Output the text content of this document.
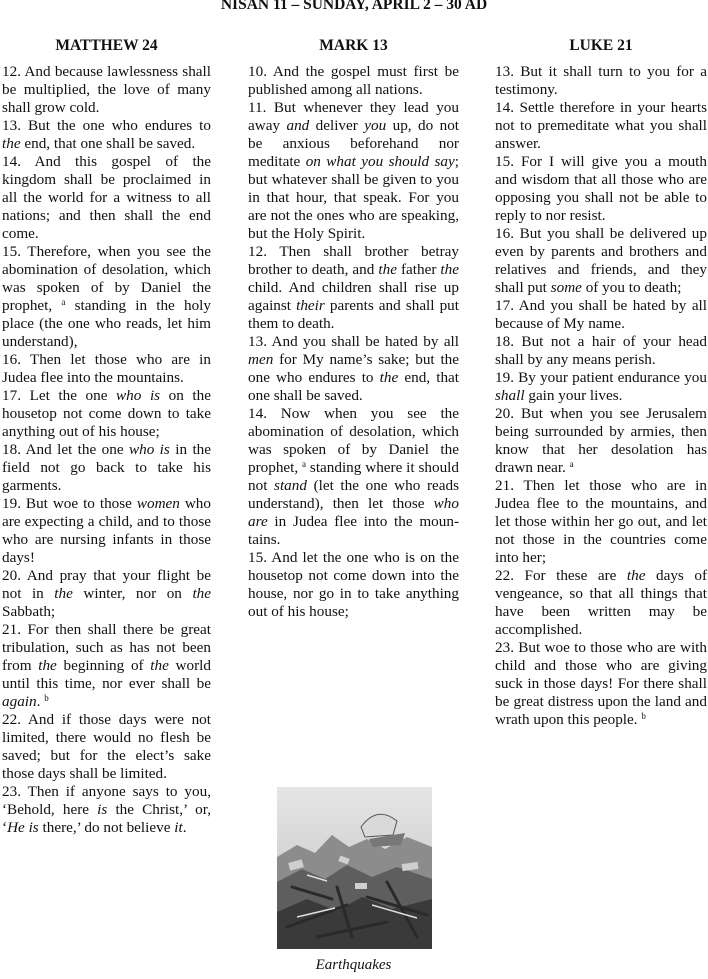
NISAN 11 – SUNDAY, APRIL 2 – 30 AD
MATTHEW 24	MARK 13	LUKE 21

12. And because lawlessness shall be multiplied, the love of many shall grow cold.

13. But the one who endures to the end, that one shall be saved.

14. And this gospel of the kingdom shall be proclaimed in all the world for a witness to all nations; and then shall the end come.

15. Therefore, when you see the abomination of desolation, which was spoken of by Daniel the prophet, $^a$ standing in the holy place (the one who reads, let him understand),

16. Then let those who are in Judea flee into the mountains.

17. Let the one who is on the housetop not come down to take anything out of his house;

18. And let the one who is in the field not go back to take his garments.

19. But woe to those women who are expecting a child, and to those who are nursing infants in those days!

20. And pray that your flight be not in the winter, nor on the Sabbath;

21. For then shall there be great tribulation, such as has not been from the beginning of the world until this time, nor ever shall be again. $^b$

22. And if those days were not limited, there would no flesh be saved; but for the elect’s sake those days shall be limited.

23. Then if anyone says to you, ‘Behold, here is the Christ,’ or, ‘He is there,’ do not believe it.

10. And the gospel must first be published among all nations.

11. But whenever they lead you away and deliver you up, do not be anxious beforehand nor meditate on what you should say; but whatever shall be given to you in that hour, that speak. For you are not the ones who are speaking, but the Holy Spirit.

12. Then shall brother betray brother to death, and the father the child. And children shall rise up against their parents and shall put them to death.

13. And you shall be hated by all men for My name’s sake; but the one who endures to the end, that one shall be saved.

14. Now when you see the abomination of desolation, which was spoken of by Daniel the prophet, $^a$ standing where it should not stand (let the one who reads understand), then let those who are in Judea flee into the mountains.

15. And let the one who is on the housetop not come down into the house, nor go in to take anything out of his house;

13. But it shall turn to you for a testimony.

14. Settle therefore in your hearts not to premeditate what you shall answer.

15. For I will give you a mouth and wisdom that all those who are opposing you shall not be able to reply to nor resist.

16. But you shall be delivered up even by parents and brothers and relatives and friends, and they shall put some of you to death;

17. And you shall be hated by all because of My name.

18. But not a hair of your head shall by any means perish.

19. By your patient endurance you shall gain your lives.

20. But when you see Jerusalem being surrounded by armies, then know that her desolation has drawn near. $^a$

21. Then let those who are in Judea flee to the mountains, and let those within her go out, and let not those in the countries come into her;

22. For these are the days of vengeance, so that all things that have been written may be accomplished.

23. But woe to those who are with child and those who are giving suck in those days! For there shall be great distress upon the land and wrath upon this people. $^b$

Earthquakes
